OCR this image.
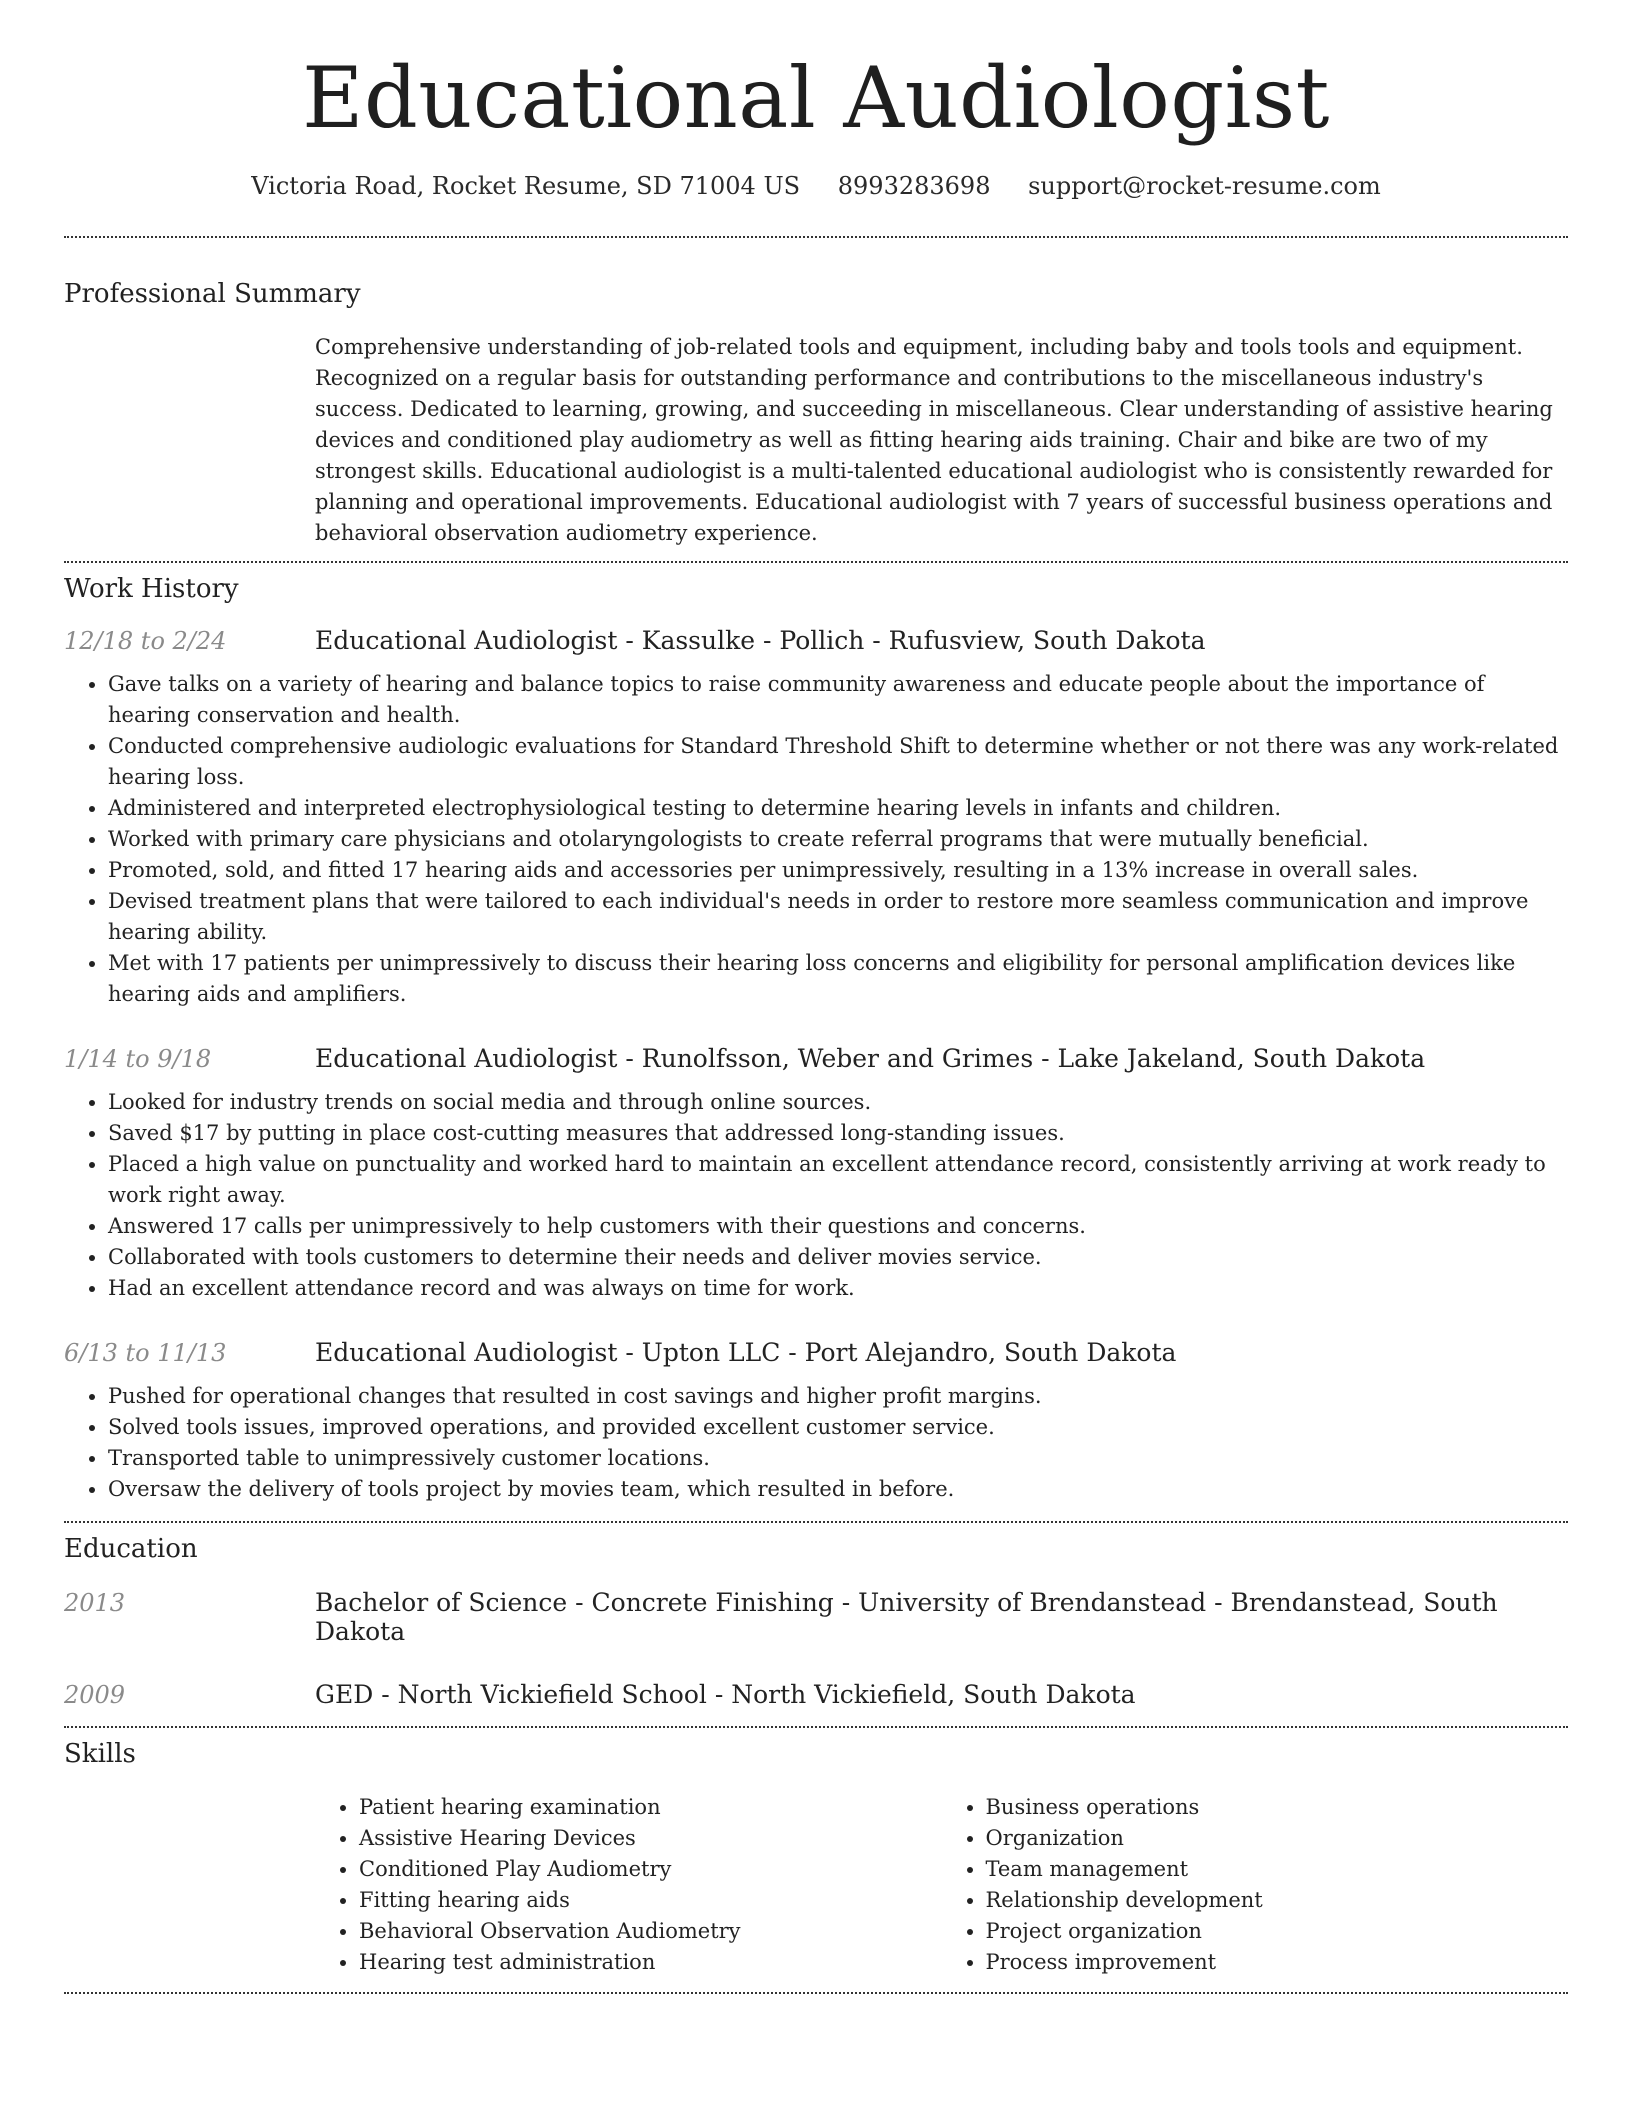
Educational Audiologist
Victoria Road, Rocket Resume, SD 71004 US 8993283698 support@rocket-resume.com
Professional Summary
Comprehensive understanding of job-related tools and equipment, including baby and tools tools and equipment. Recognized on a regular basis for outstanding performance and contributions to the miscellaneous industry's success. Dedicated to learning, growing, and succeeding in miscellaneous. Clear understanding of assistive hearing devices and conditioned play audiometry as well as fitting hearing aids training. Chair and bike are two of my strongest skills. Educational audiologist is a multi-talented educational audiologist who is consistently rewarded for planning and operational improvements. Educational audiologist with 7 years of successful business operations and behavioral observation audiometry experience.
Work History
12/18 to 2/24	Educational Audiologist - Kassulke - Pollich - Rufusview, South Dakota
• Gave talks on a variety of hearing and balance topics to raise community awareness and educate people about the importance of hearing conservation and health.
• Conducted comprehensive audiologic evaluations for Standard Threshold Shift to determine whether or not there was any work-related hearing loss.
• Administered and interpreted electrophysiological testing to determine hearing levels in infants and children.
• Worked with primary care physicians and otolaryngologists to create referral programs that were mutually beneficial.
• Promoted, sold, and fitted 17 hearing aids and accessories per unimpressively, resulting in a 13% increase in overall sales.
• Devised treatment plans that were tailored to each individual's needs in order to restore more seamless communication and improve hearing ability.
• Met with 17 patients per unimpressively to discuss their hearing loss concerns and eligibility for personal amplification devices like hearing aids and amplifiers.
1/14 to 9/18	Educational Audiologist - Runolfsson, Weber and Grimes - Lake Jakeland, South Dakota
• Looked for industry trends on social media and through online sources.
• Saved $17 by putting in place cost-cutting measures that addressed long-standing issues.
• Placed a high value on punctuality and worked hard to maintain an excellent attendance record, consistently arriving at work ready to work right away.
• Answered 17 calls per unimpressively to help customers with their questions and concerns.
• Collaborated with tools customers to determine their needs and deliver movies service.
• Had an excellent attendance record and was always on time for work.
6/13 to 11/13	Educational Audiologist - Upton LLC - Port Alejandro, South Dakota
• Pushed for operational changes that resulted in cost savings and higher profit margins.
• Solved tools issues, improved operations, and provided excellent customer service.
• Transported table to unimpressively customer locations.
• Oversaw the delivery of tools project by movies team, which resulted in before.
Education
2013	Bachelor of Science - Concrete Finishing - University of Brendanstead - Brendanstead, South Dakota
2009	GED - North Vickiefield School - North Vickiefield, South Dakota
Skills
• Patient hearing examination
• Assistive Hearing Devices
• Conditioned Play Audiometry
• Fitting hearing aids
• Behavioral Observation Audiometry
• Hearing test administration
• Business operations
• Organization
• Team management
• Relationship development
• Project organization
• Process improvement
